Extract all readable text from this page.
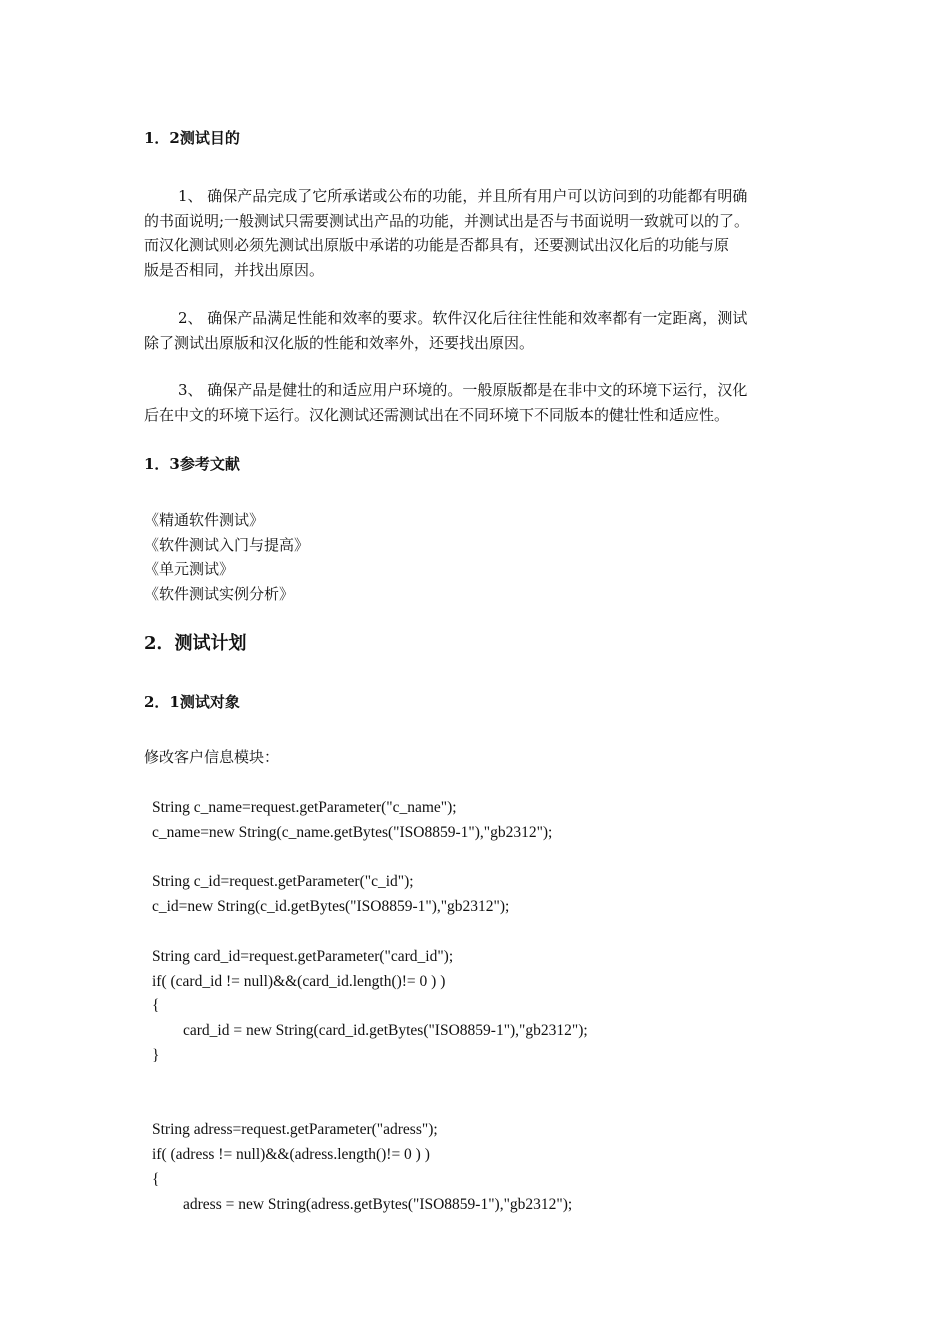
1．2测试目的
1、 确保产品完成了它所承诺或公布的功能，并且所有用户可以访问到的功能都有明确
的书面说明;一般测试只需要测试出产品的功能，并测试出是否与书面说明一致就可以的了。
而汉化测试则必须先测试出原版中承诺的功能是否都具有，还要测试出汉化后的功能与原
版是否相同，并找出原因。
2、 确保产品满足性能和效率的要求。软件汉化后往往性能和效率都有一定距离，测试
除了测试出原版和汉化版的性能和效率外，还要找出原因。
3、 确保产品是健壮的和适应用户环境的。一般原版都是在非中文的环境下运行，汉化
后在中文的环境下运行。汉化测试还需测试出在不同环境下不同版本的健壮性和适应性。
1．3参考文献
《精通软件测试》
《软件测试入门与提高》
《单元测试》
《软件测试实例分析》
2．测试计划
2．1测试对象
修改客户信息模块：
String c_name=request.getParameter("c_name");
c_name=new String(c_name.getBytes("ISO8859-1"),"gb2312");
String c_id=request.getParameter("c_id");
c_id=new String(c_id.getBytes("ISO8859-1"),"gb2312");
String card_id=request.getParameter("card_id");
if( (card_id != null)&&(card_id.length()!= 0 ) )
{
card_id = new String(card_id.getBytes("ISO8859-1"),"gb2312");
}
String adress=request.getParameter("adress");
if( (adress != null)&&(adress.length()!= 0 ) )
{
adress = new String(adress.getBytes("ISO8859-1"),"gb2312");
